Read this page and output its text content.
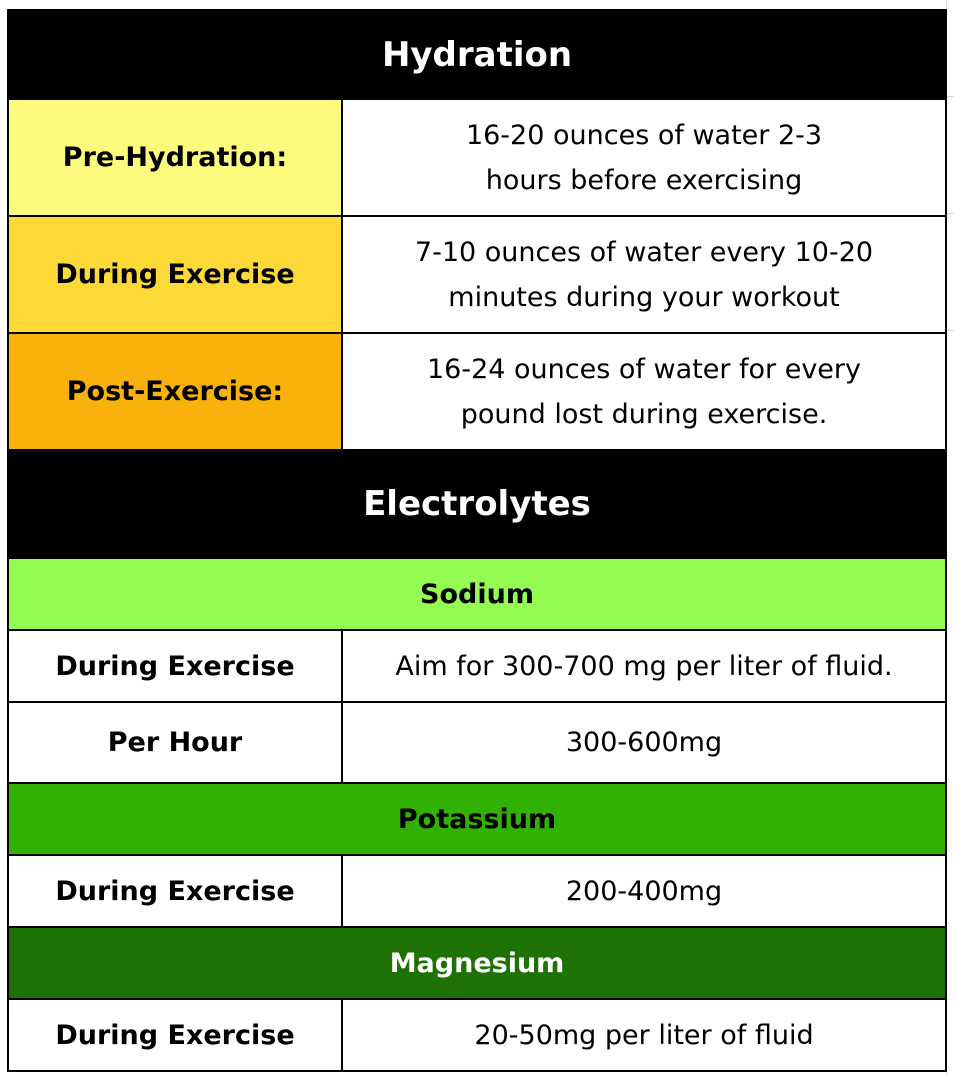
Hydration	
Pre-Hydration:	16-20 ounces of water 2-3
hours before exercising
During Exercise	7-10 ounces of water every 10-20
minutes during your workout
Post-Exercise:	16-24 ounces of water for every
pound lost during exercise.
Electrolytes	
Sodium	
During Exercise	Aim for 300-700 mg per liter of fluid.
Per Hour	300-600mg
Potassium	
During Exercise	200-400mg
Magnesium	
During Exercise	20-50mg per liter of fluid
